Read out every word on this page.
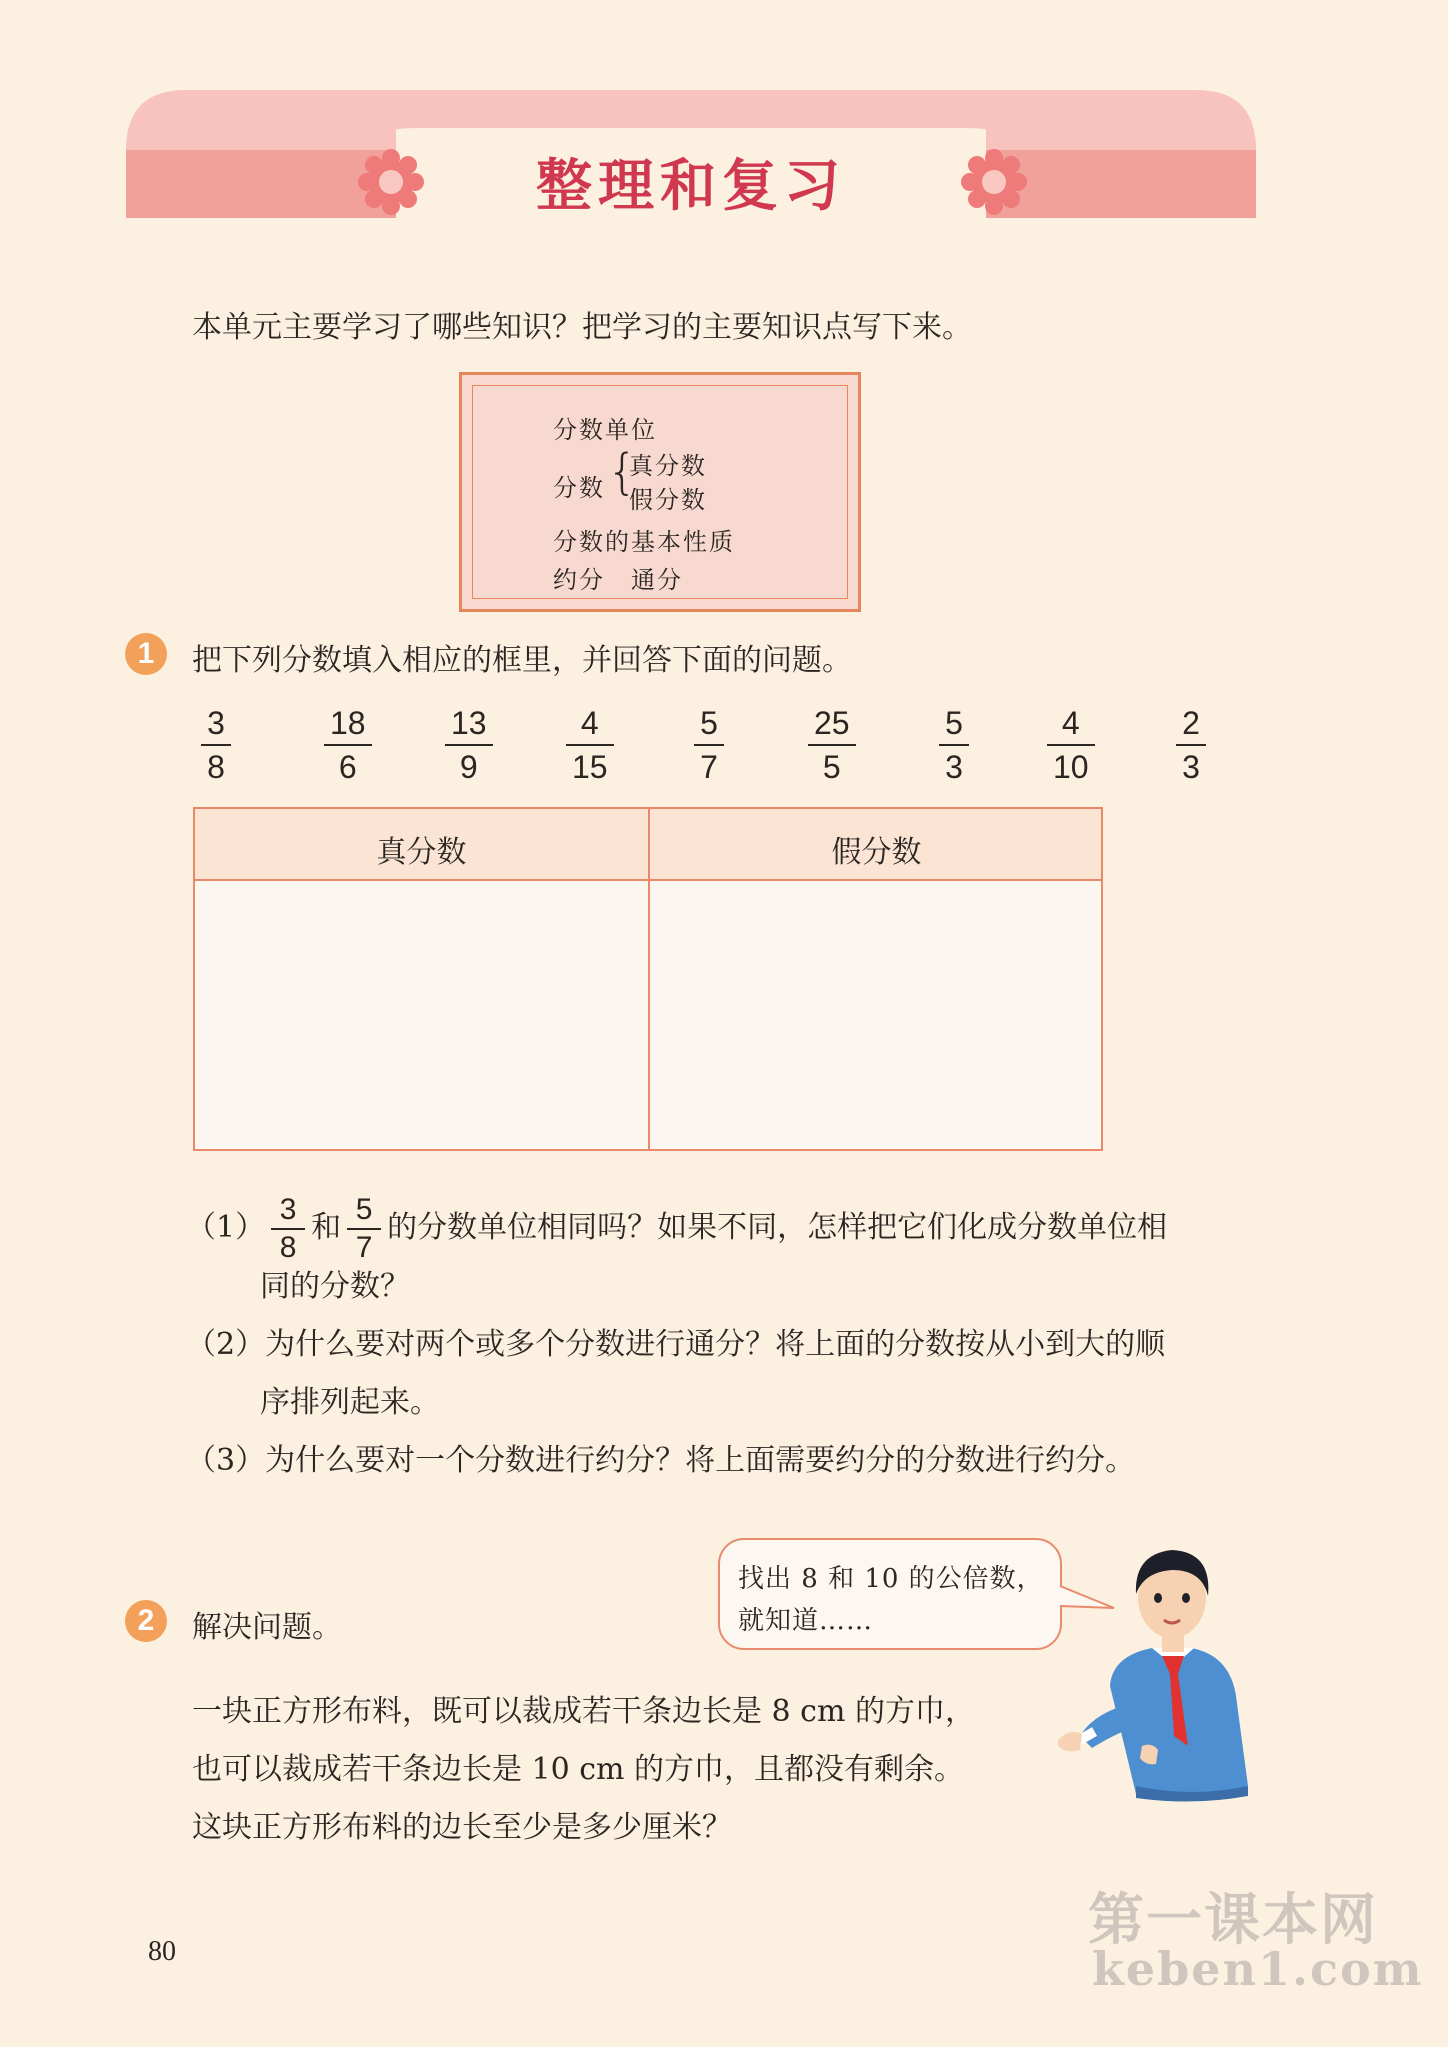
整理和复习
本单元主要学习了哪些知识？把学习的主要知识点写下来。
分数单位
分数 {
真分数
假分数
分数的基本性质
约分　通分
1	把下列分数填入相应的框里，并回答下面的问题。
3
8
18
6
13
9
4
15
5
7
25
5
5
3
4
10
2
3
真分数	假分数
$(1) \frac{3}{8}$ 和 $\frac{5}{7}$ 的分数单位相同吗？如果不同，怎样把它们化成分数单位相
同的分数？
（2）为什么要对两个或多个分数进行通分？将上面的分数按从小到大的顺
序排列起来。
（3）为什么要对一个分数进行约分？将上面需要约分的分数进行约分。
2	解决问题。
找出 8 和 10 的公倍数，
就知道……
一块正方形布料，既可以裁成若干条边长是 8 cm 的方巾，
也可以裁成若干条边长是 10 cm 的方巾，且都没有剩余。
这块正方形布料的边长至少是多少厘米？
80	第一课本网
keben1.com
